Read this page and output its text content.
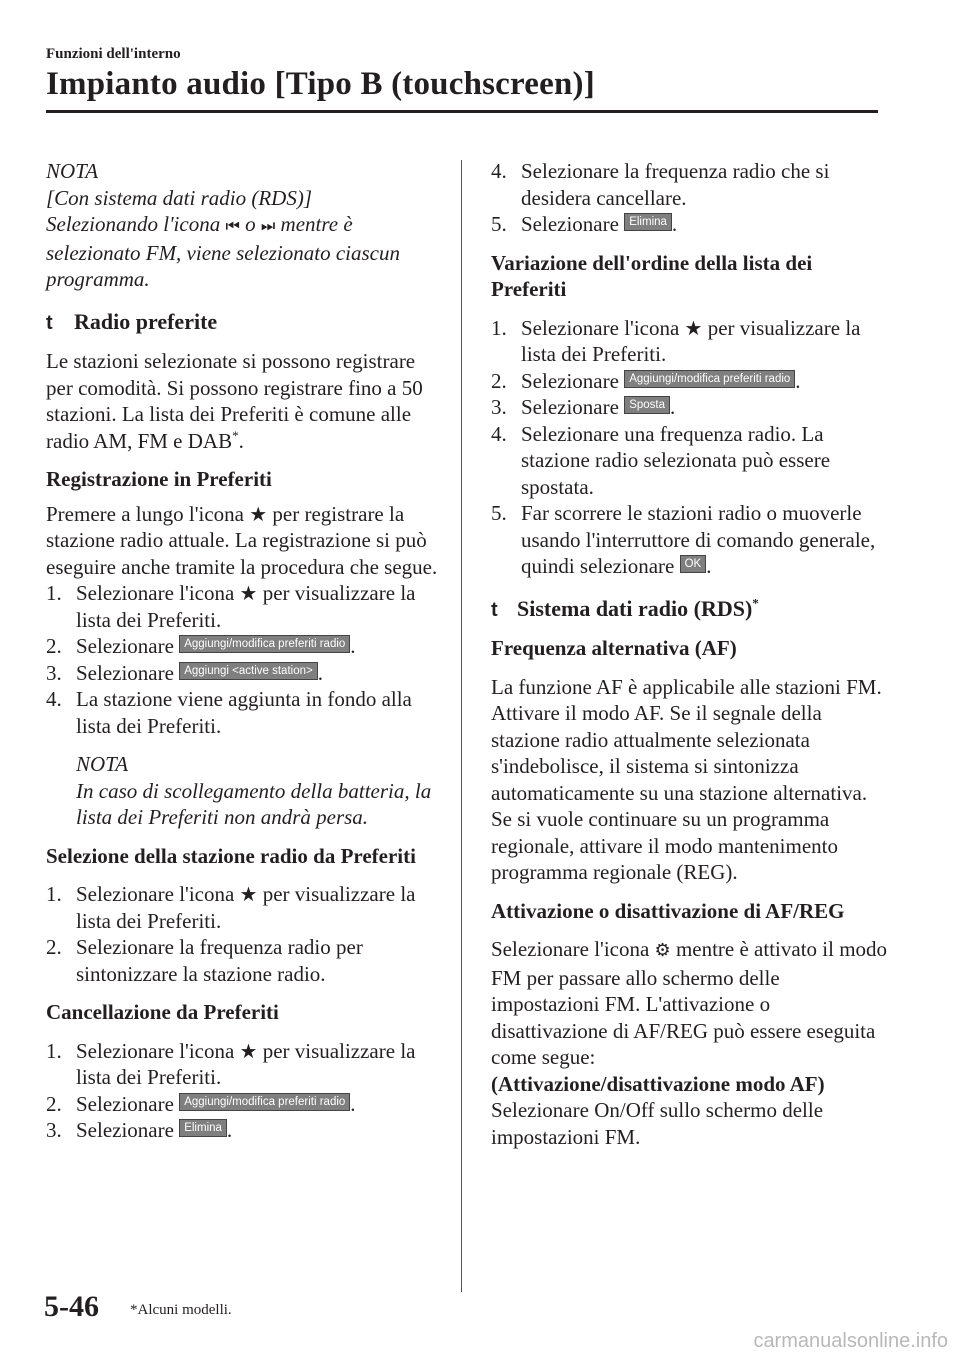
Funzioni dell'interno
Impianto audio [Tipo B (touchscreen)]

NOTA

[Con sistema dati radio (RDS)]

Selezionando l'icona ⏮ o ⏭ mentre è selezionato FM, viene selezionato ciascun programma.

t Radio preferite

Le stazioni selezionate si possono registrare per comodità. Si possono registrare fino a 50 stazioni. La lista dei Preferiti è comune alle radio AM, FM e DAB*.

Registrazione in Preferiti

Premere a lungo l'icona ★ per registrare la stazione radio attuale. La registrazione si può eseguire anche tramite la procedura che segue.

1. Selezionare l'icona ★ per visualizzare la lista dei Preferiti.
2. Selezionare Aggiungi/modifica preferiti radio .
3. Selezionare Aggiungi <active station> .
4. La stazione viene aggiunta in fondo alla lista dei Preferiti.

NOTA

In caso di scollegamento della batteria, la lista dei Preferiti non andrà persa.

Selezione della stazione radio da Preferiti

1. Selezionare l'icona ★ per visualizzare la lista dei Preferiti.
2. Selezionare la frequenza radio per sintonizzare la stazione radio.

Cancellazione da Preferiti

1. Selezionare l'icona ★ per visualizzare la lista dei Preferiti.
2. Selezionare Aggiungi/modifica preferiti radio .
3. Selezionare Elimina .
4. Selezionare la frequenza radio che si desidera cancellare.
5. Selezionare Elimina .

Variazione dell'ordine della lista dei Preferiti

1. Selezionare l'icona ★ per visualizzare la lista dei Preferiti.
2. Selezionare Aggiungi/modifica preferiti radio .
3. Selezionare Sposta .
4. Selezionare una frequenza radio. La stazione radio selezionata può essere spostata.
5. Far scorrere le stazioni radio o muoverle usando l'interruttore di comando generale, quindi selezionare OK .
t Sistema dati radio (RDS)*

Frequenza alternativa (AF)

La funzione AF è applicabile alle stazioni FM. Attivare il modo AF. Se il segnale della stazione radio attualmente selezionata s'indebolisce, il sistema si sintonizza automaticamente su una stazione alternativa.

Se si vuole continuare su un programma regionale, attivare il modo mantenimento programma regionale (REG).

Attivazione o disattivazione di AF/REG

Selezionare l'icona ⚙ mentre è attivato il modo FM per passare allo schermo delle impostazioni FM. L'attivazione o disattivazione di AF/REG può essere eseguita come segue:

(Attivazione/disattivazione modo AF)

Selezionare On/Off sullo schermo delle impostazioni FM.

5-46 *Alcuni modelli.
carmanualsonline.info
